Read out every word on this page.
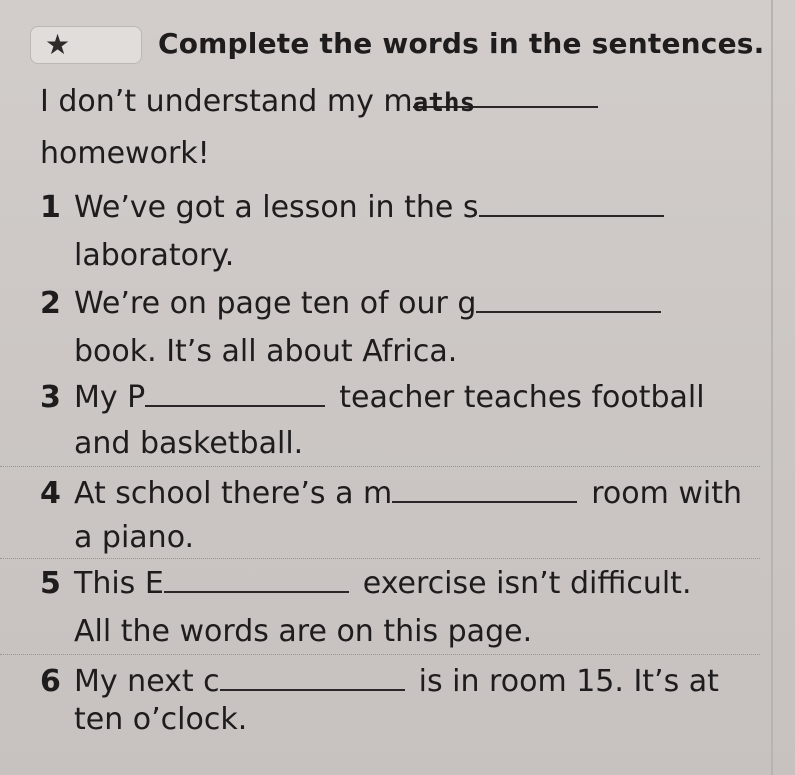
★	Complete the words in the sentences.
I don’t understand my maths
homework!
1 We’ve got a lesson in the s
laboratory.
2 We’re on page ten of our g
book. It’s all about Africa.
3 My P	teacher teaches football
and basketball.
4 At school there’s a m	room with
a piano.
5 This E	exercise isn’t difficult.
All the words are on this page.
6 My next c	is in room 15. It’s at
ten o’clock.
